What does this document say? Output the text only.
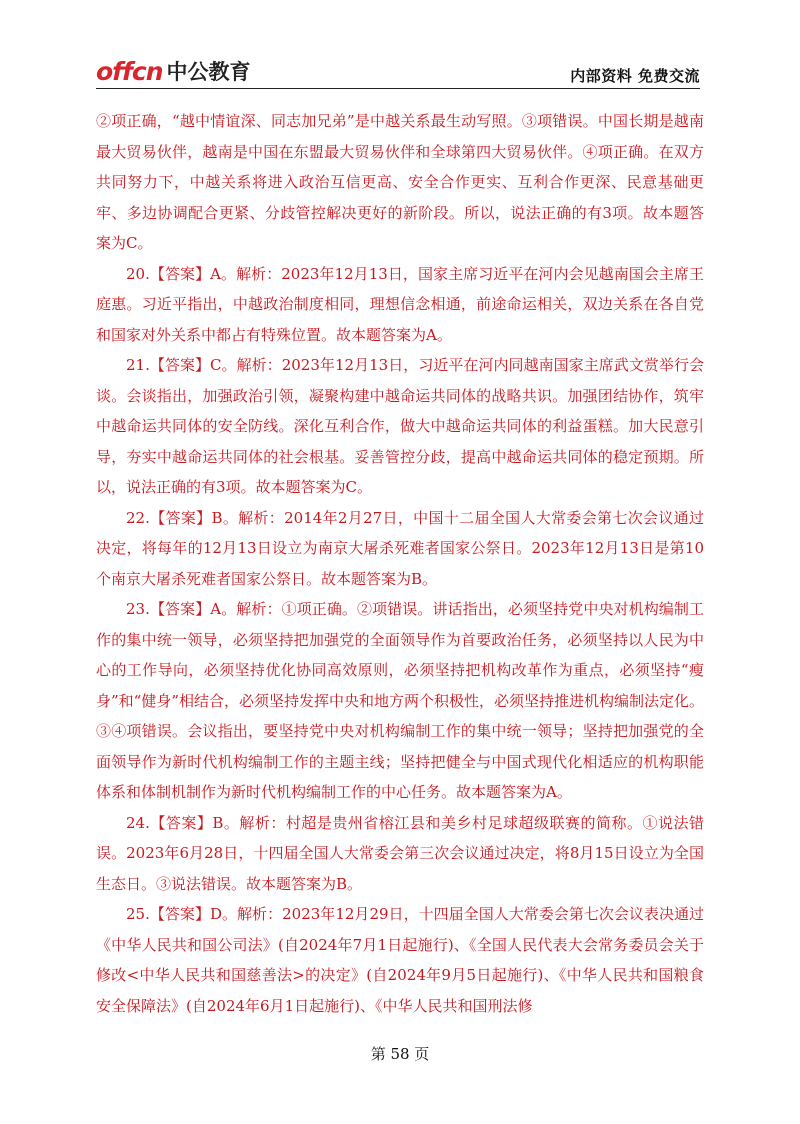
offcn 中公教育	内部资料 免费交流

②项正确，“越中情谊深、同志加兄弟”是中越关系最生动写照。③项错误。中国长期是越南最大贸易伙伴，越南是中国在东盟最大贸易伙伴和全球第四大贸易伙伴。④项正确。在双方共同努力下，中越关系将进入政治互信更高、安全合作更实、互利合作更深、民意基础更牢、多边协调配合更紧、分歧管控解决更好的新阶段。所以，说法正确的有3项。故本题答案为C。

20.【答案】A。解析：2023年12月13日，国家主席习近平在河内会见越南国会主席王庭惠。习近平指出，中越政治制度相同，理想信念相通，前途命运相关，双边关系在各自党和国家对外关系中都占有特殊位置。故本题答案为A。

21.【答案】C。解析：2023年12月13日，习近平在河内同越南国家主席武文赏举行会谈。会谈指出，加强政治引领，凝聚构建中越命运共同体的战略共识。加强团结协作，筑牢中越命运共同体的安全防线。深化互利合作，做大中越命运共同体的利益蛋糕。加大民意引导，夯实中越命运共同体的社会根基。妥善管控分歧，提高中越命运共同体的稳定预期。所以，说法正确的有3项。故本题答案为C。

22.【答案】B。解析：2014年2月27日，中国十二届全国人大常委会第七次会议通过决定，将每年的12月13日设立为南京大屠杀死难者国家公祭日。2023年12月13日是第10个南京大屠杀死难者国家公祭日。故本题答案为B。

23.【答案】A。解析：①项正确。②项错误。讲话指出，必须坚持党中央对机构编制工作的集中统一领导，必须坚持把加强党的全面领导作为首要政治任务，必须坚持以人民为中心的工作导向，必须坚持优化协同高效原则，必须坚持把机构改革作为重点，必须坚持“瘦身”和“健身”相结合，必须坚持发挥中央和地方两个积极性，必须坚持推进机构编制法定化。③④项错误。会议指出，要坚持党中央对机构编制工作的集中统一领导；坚持把加强党的全面领导作为新时代机构编制工作的主题主线；坚持把健全与中国式现代化相适应的机构职能体系和体制机制作为新时代机构编制工作的中心任务。故本题答案为A。

24.【答案】B。解析：村超是贵州省榕江县和美乡村足球超级联赛的简称。①说法错误。2023年6月28日，十四届全国人大常委会第三次会议通过决定，将8月15日设立为全国生态日。③说法错误。故本题答案为B。

25.【答案】D。解析：2023年12月29日，十四届全国人大常委会第七次会议表决通过《中华人民共和国公司法》(自2024年7月1日起施行)、《全国人民代表大会常务委员会关于修改<中华人民共和国慈善法>的决定》(自2024年9月5日起施行)、《中华人民共和国粮食安全保障法》(自2024年6月1日起施行)、《中华人民共和国刑法修

第 58 页
